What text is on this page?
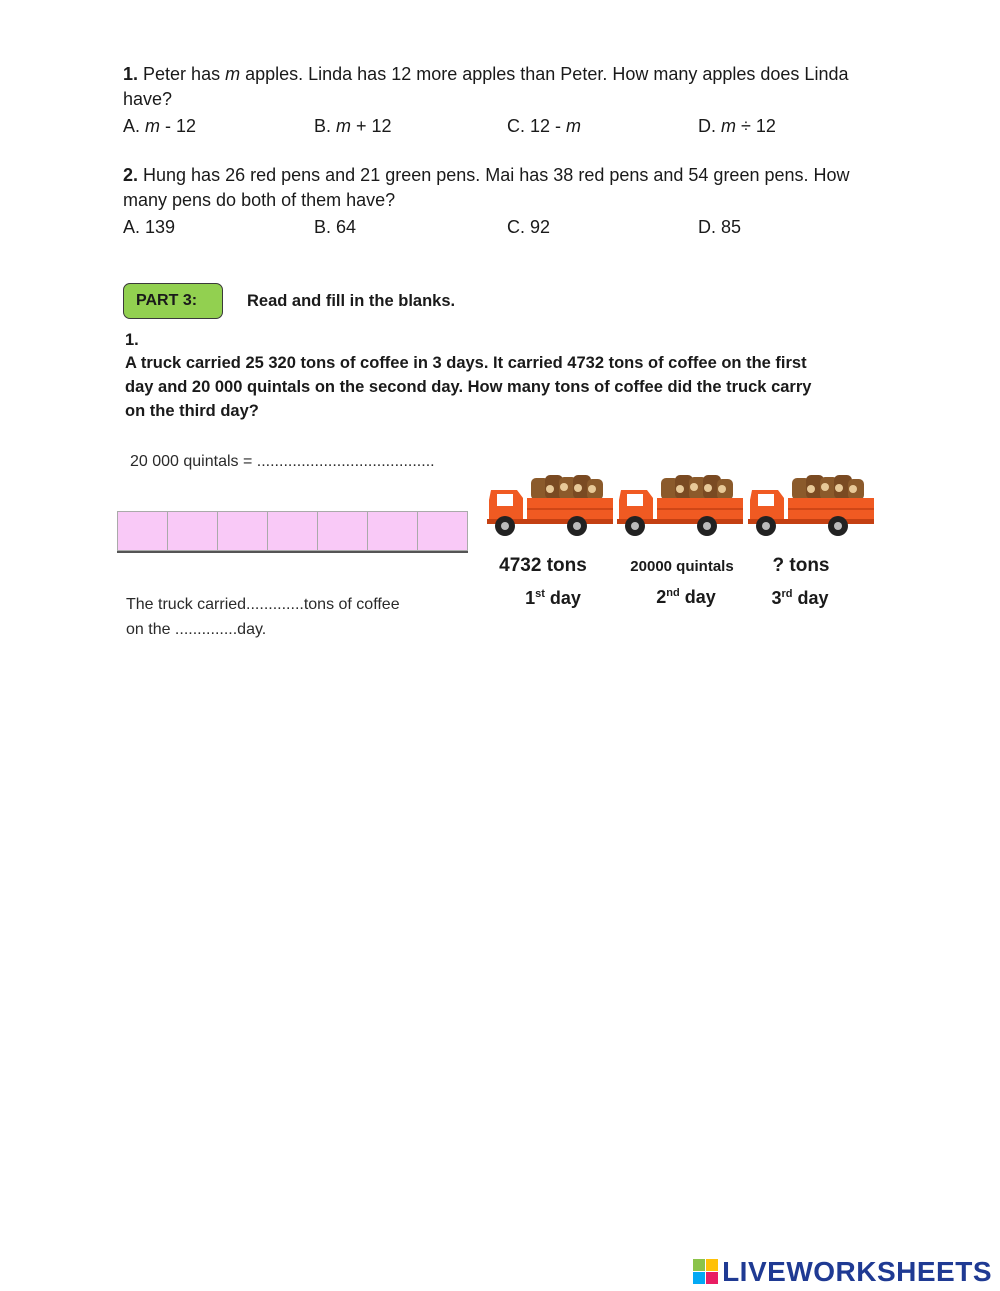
1. Peter has m apples. Linda has 12 more apples than Peter. How many apples does Linda have?
A. m - 12	B. m + 12	C. 12 - m	D. m ÷ 12
2. Hung has 26 red pens and 21 green pens. Mai has 38 red pens and 54 green pens. How many pens do both of them have?
A. 139	B. 64	C. 92	D. 85
PART 3:	Read and fill in the blanks.
1.
A truck carried 25 320 tons of coffee in 3 days. It carried 4732 tons of coffee on the first
day and 20 000 quintals on the second day. How many tons of coffee did the truck carry
on the third day?
20 000 quintals = ........................................
The truck carried.............tons of coffee
on the ..............day.
4732 tons	20000 quintals	? tons
1st day	2nd day	3rd day
LIVEWORKSHEETS
